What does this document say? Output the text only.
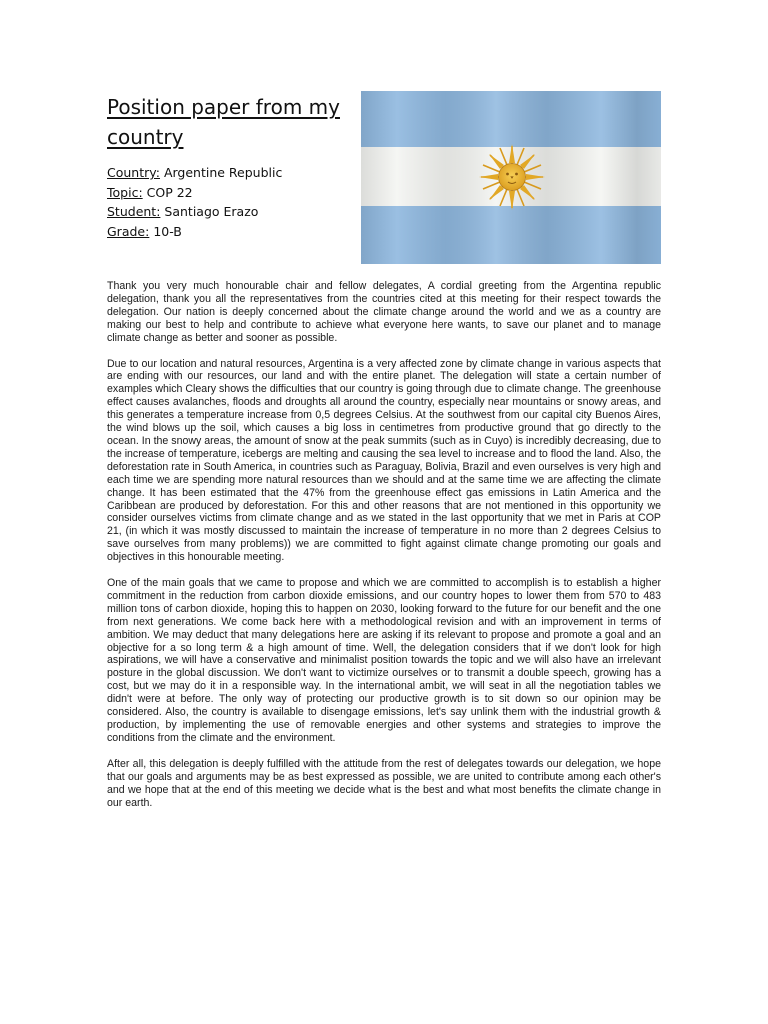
Position paper from my country
Country: Argentine Republic
Topic: COP 22
Student: Santiago Erazo
Grade: 10-B

Thank you very much honourable chair and fellow delegates, A cordial greeting from the Argentina republic delegation, thank you all the representatives from the countries cited at this meeting for their respect towards the delegation. Our nation is deeply concerned about the climate change around the world and we as a country are making our best to help and contribute to achieve what everyone here wants, to save our planet and to manage climate change as better and sooner as possible.

Due to our location and natural resources, Argentina is a very affected zone by climate change in various aspects that are ending with our resources, our land and with the entire planet. The delegation will state a certain number of examples which Cleary shows the difficulties that our country is going through due to climate change. The greenhouse effect causes avalanches, floods and droughts all around the country, especially near mountains or snowy areas, and this generates a temperature increase from 0,5 degrees Celsius. At the southwest from our capital city Buenos Aires, the wind blows up the soil, which causes a big loss in centimetres from productive ground that go directly to the ocean. In the snowy areas, the amount of snow at the peak summits (such as in Cuyo) is incredibly decreasing, due to the increase of temperature, icebergs are melting and causing the sea level to increase and to flood the land. Also, the deforestation rate in South America, in countries such as Paraguay, Bolivia, Brazil and even ourselves is very high and each time we are spending more natural resources than we should and at the same time we are affecting the climate change. It has been estimated that the 47% from the greenhouse effect gas emissions in Latin America and the Caribbean are produced by deforestation. For this and other reasons that are not mentioned in this opportunity we consider ourselves victims from climate change and as we stated in the last opportunity that we met in Paris at COP 21, (in which it was mostly discussed to maintain the increase of temperature in no more than 2 degrees Celsius to save ourselves from many problems)) we are committed to fight against climate change promoting our goals and objectives in this honourable meeting.

One of the main goals that we came to propose and which we are committed to accomplish is to establish a higher commitment in the reduction from carbon dioxide emissions, and our country hopes to lower them from 570 to 483 million tons of carbon dioxide, hoping this to happen on 2030, looking forward to the future for our benefit and the one from next generations. We come back here with a methodological revision and with an improvement in terms of ambition. We may deduct that many delegations here are asking if its relevant to propose and promote a goal and an objective for a so long term & a high amount of time. Well, the delegation considers that if we don't look for high aspirations, we will have a conservative and minimalist position towards the topic and we will also have an irrelevant posture in the global discussion. We don't want to victimize ourselves or to transmit a double speech, growing has a cost, but we may do it in a responsible way. In the international ambit, we will seat in all the negotiation tables we didn't were at before. The only way of protecting our productive growth is to sit down so our opinion may be considered. Also, the country is available to disengage emissions, let's say unlink them with the industrial growth & production, by implementing the use of removable energies and other systems and strategies to improve the conditions from the climate and the environment.

After all, this delegation is deeply fulfilled with the attitude from the rest of delegates towards our delegation, we hope that our goals and arguments may be as best expressed as possible, we are united to contribute among each other's and we hope that at the end of this meeting we decide what is the best and what most benefits the climate change in our earth.
